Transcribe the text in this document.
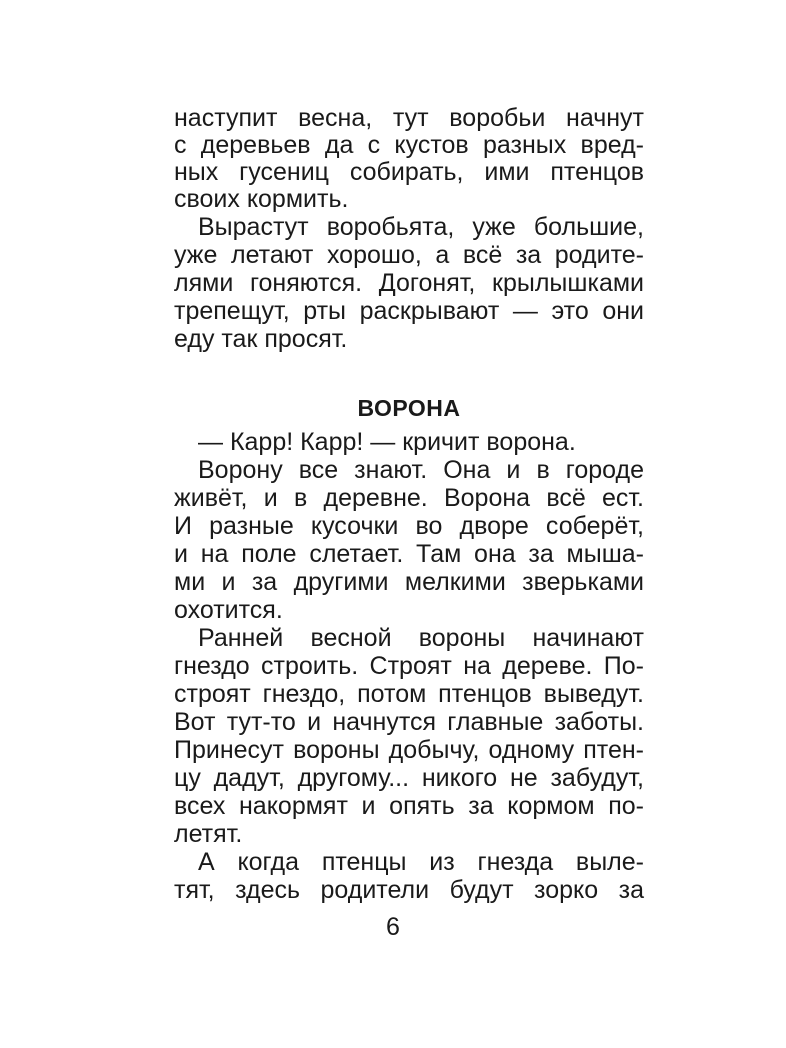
наступит весна, тут воробьи начнут
с деревьев да с кустов разных вред-
ных гусениц собирать, ими птенцов
своих кормить.
Вырастут воробьята, уже большие,
уже летают хорошо, а всё за родите-
лями гоняются. Догонят, крылышками
трепещут, рты раскрывают — это они
еду так просят.
ВОРОНА
— Карр! Карр! — кричит ворона.
Ворону все знают. Она и в городе
живёт, и в деревне. Ворона всё ест.
И разные кусочки во дворе соберёт,
и на поле слетает. Там она за мыша-
ми и за другими мелкими зверьками
охотится.
Ранней весной вороны начинают
гнездо строить. Строят на дереве. По-
строят гнездо, потом птенцов выведут.
Вот тут-то и начнутся главные заботы.
Принесут вороны добычу, одному птен-
цу дадут, другому... никого не забудут,
всех накормят и опять за кормом по-
летят.
А когда птенцы из гнезда выле-
тят, здесь родители будут зорко за
6
